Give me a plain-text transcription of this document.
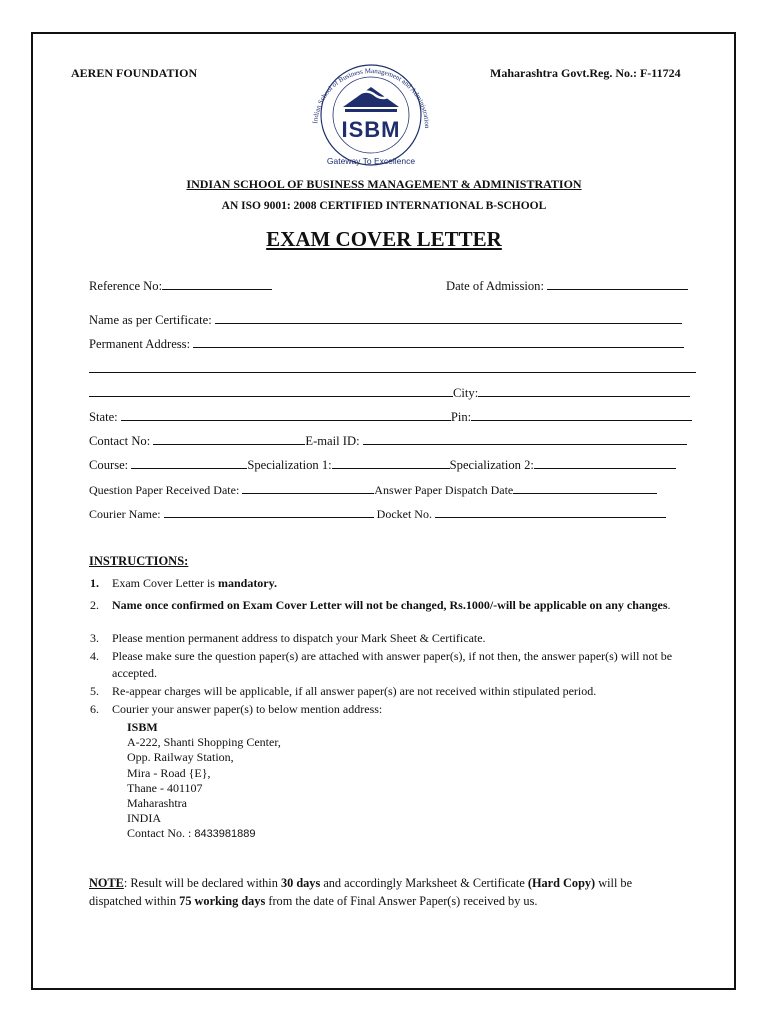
AEREN FOUNDATION	Maharashtra Govt.Reg. No.: F-11724
Indian School of Business Management and Administration
ISBM
Gateway To Excellence
INDIAN SCHOOL OF BUSINESS MANAGEMENT & ADMINISTRATION
AN ISO 9001: 2008 CERTIFIED INTERNATIONAL B-SCHOOL
EXAM COVER LETTER
Reference No:	Date of Admission:
Name as per Certificate:
Permanent Address:
City:
State:	Pin:
Contact No:	E-mail ID:
Course:	Specialization 1:	Specialization 2:
Question Paper Received Date:	Answer Paper Dispatch Date
Courier Name:	Docket No.
INSTRUCTIONS:
1. Exam Cover Letter is mandatory.
2. Name once confirmed on Exam Cover Letter will not be changed, Rs.1000/-will be applicable on any changes.
3. Please mention permanent address to dispatch your Mark Sheet & Certificate.
4. Please make sure the question paper(s) are attached with answer paper(s), if not then, the answer paper(s) will not be accepted.
5. Re-appear charges will be applicable, if all answer paper(s) are not received within stipulated period.
6. Courier your answer paper(s) to below mention address:
ISBM
A-222, Shanti Shopping Center,
Opp. Railway Station,
Mira - Road {E},
Thane - 401107
Maharashtra
INDIA
Contact No. : 8433981889
NOTE: Result will be declared within 30 days and accordingly Marksheet & Certificate (Hard Copy) will be
dispatched within 75 working days from the date of Final Answer Paper(s) received by us.
